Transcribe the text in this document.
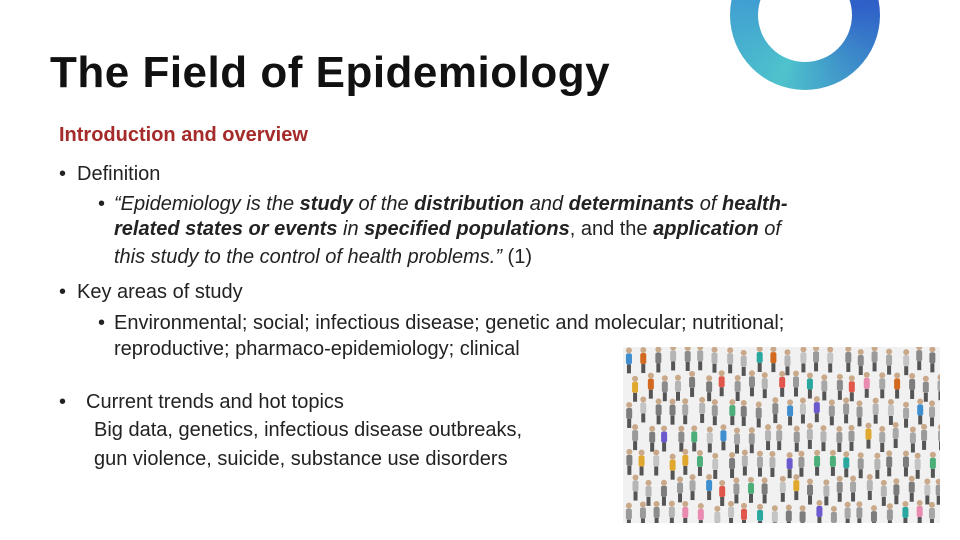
The Field of Epidemiology
Introduction and overview
• Definition
• “Epidemiology is the study of the distribution and determinants of health-
related states or events in specified populations, and the application of
this study to the control of health problems.” (1)
• Key areas of study
• Environmental; social; infectious disease; genetic and molecular; nutritional;
reproductive; pharmaco-epidemiology; clinical
• Current trends and hot topics
Big data, genetics, infectious disease outbreaks,
gun violence, suicide, substance use disorders
